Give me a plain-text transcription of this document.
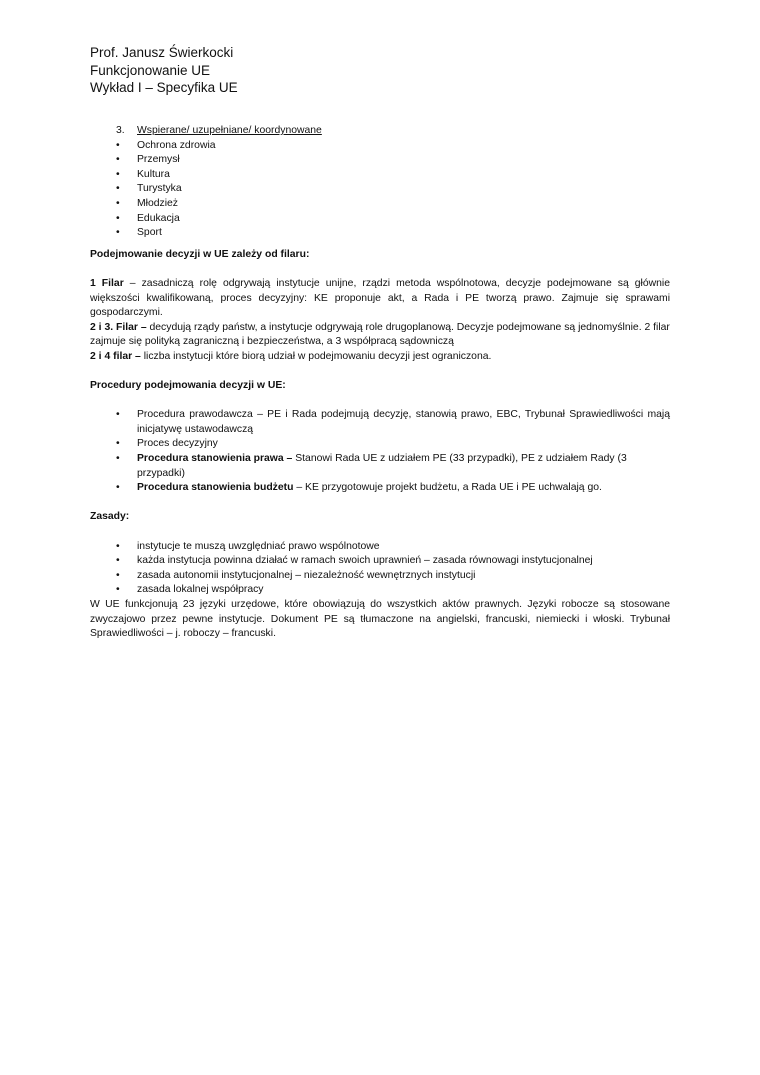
Prof. Janusz Świerkocki
Funkcjonowanie UE
Wykład I – Specyfika UE
3.	Wspierane/ uzupełniane/ koordynowane
•	Ochrona zdrowia
•	Przemysł
•	Kultura
•	Turystyka
•	Młodzież
•	Edukacja
•	Sport

Podejmowanie decyzji w UE zależy od filaru:

1 Filar – zasadniczą rolę odgrywają instytucje unijne, rządzi metoda wspólnotowa, decyzje podejmowane są głównie większości kwalifikowaną, proces decyzyjny: KE proponuje akt, a Rada i PE tworzą prawo. Zajmuje się sprawami gospodarczymi.

2 i 3. Filar – decydują rządy państw, a instytucje odgrywają role drugoplanową. Decyzje podejmowane są jednomyślnie. 2 filar zajmuje się polityką zagraniczną i bezpieczeństwa, a 3 współpracą sądowniczą

2 i 4 filar – liczba instytucji które biorą udział w podejmowaniu decyzji jest ograniczona.

Procedury podejmowania decyzji w UE:

•	Procedura prawodawcza – PE i Rada podejmują decyzję, stanowią prawo, EBC, Trybunał Sprawiedliwości mają inicjatywę ustawodawczą
•	Proces decyzyjny
•	Procedura stanowienia prawa – Stanowi Rada UE z udziałem PE (33 przypadki), PE z udziałem Rady (3 przypadki)
•	Procedura stanowienia budżetu – KE przygotowuje projekt budżetu, a Rada UE i PE uchwalają go.

Zasady:

•	instytucje te muszą uwzględniać prawo wspólnotowe
•	każda instytucja powinna działać w ramach swoich uprawnień – zasada równowagi instytucjonalnej
•	zasada autonomii instytucjonalnej – niezależność wewnętrznych instytucji
•	zasada lokalnej współpracy

W UE funkcjonują 23 języki urzędowe, które obowiązują do wszystkich aktów prawnych. Języki robocze są stosowane zwyczajowo przez pewne instytucje. Dokument PE są tłumaczone na angielski, francuski, niemiecki i włoski. Trybunał Sprawiedliwości – j. roboczy – francuski.
